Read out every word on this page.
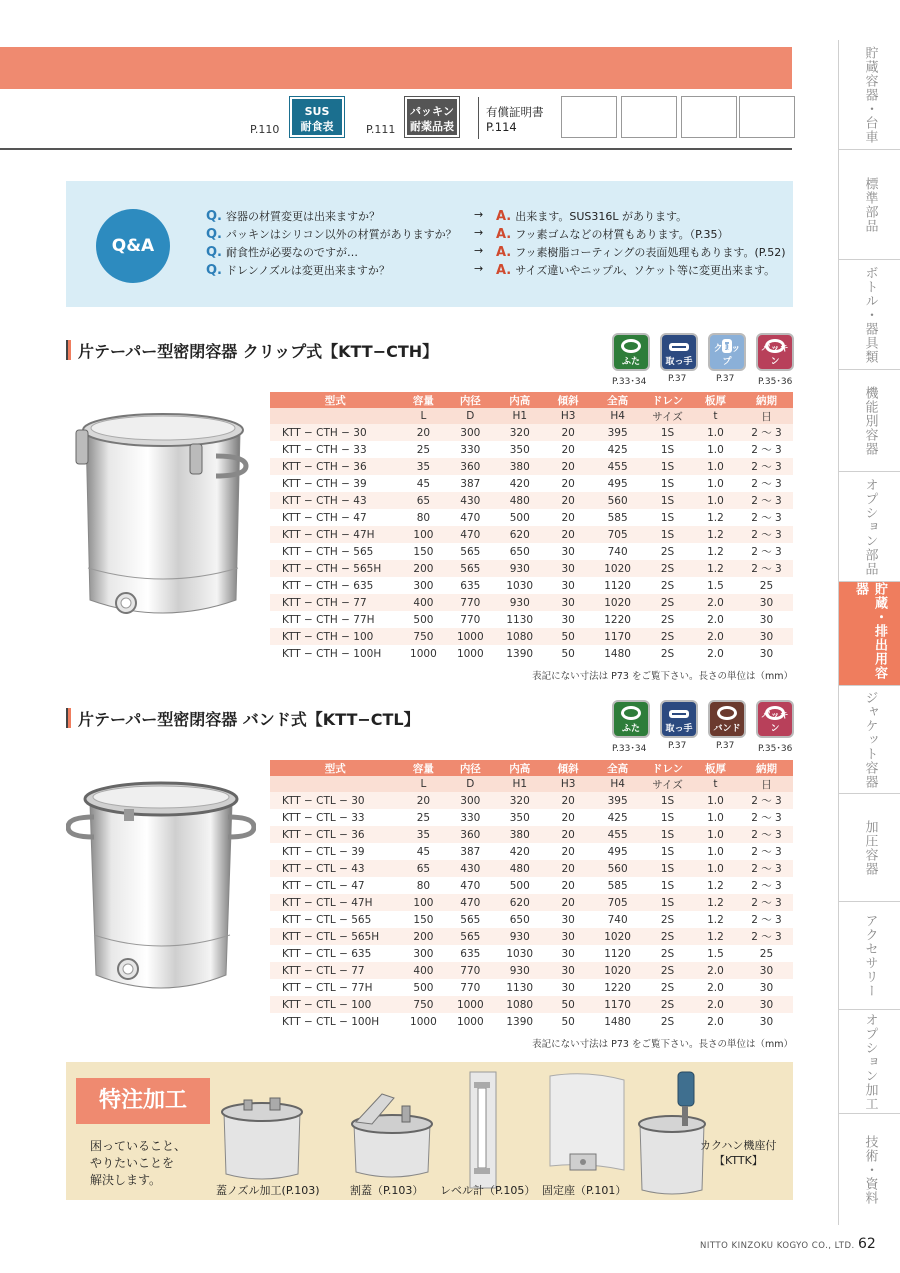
P.110
SUS
耐食表	P.111
パッキン
耐薬品表
有償証明書
P.114
食衛	非該	材証	RoHS	貯蔵容器・台車
標準部品
ボトル・器具類
機能別容器
オプション部品
貯蔵・排出用容器
ジャケット容器
加圧容器
アクセサリー
オプション加工
技術・資料
Q&A
Q. 容器の材質変更は出来ますか？	→ A. 出来ます。SUS316L があります。
Q. パッキンはシリコン以外の材質がありますか？ → A. フッ素ゴムなどの材質もあります。（P.35）
Q. 耐食性が必要なのですが…	→ A. フッ素樹脂コーティングの表面処理もあります。(P.52)
Q. ドレンノズルは変更出来ますか？	→ A. サイズ違いやニップル、ソケット等に変更出来ます。
片テーパー型密閉容器 クリップ式【KTT−CTH】
ふた	取っ手
クリップ
パッキン
P.33･34 P.37	P.37	P.35･36
型式	容量	内径	内高	傾斜	全高	ドレン	板厚	納期
	L	D	H1	H3	H4	サイズ	t	日
KTT − CTH − 30	20	300	320	20	395	1S	1.0	2 〜 3
KTT − CTH − 33	25	330	350	20	425	1S	1.0	2 〜 3
KTT − CTH − 36	35	360	380	20	455	1S	1.0	2 〜 3
KTT − CTH − 39	45	387	420	20	495	1S	1.0	2 〜 3
KTT − CTH − 43	65	430	480	20	560	1S	1.0	2 〜 3
KTT − CTH − 47	80	470	500	20	585	1S	1.2	2 〜 3
KTT − CTH − 47H	100	470	620	20	705	1S	1.2	2 〜 3
KTT − CTH − 565	150	565	650	30	740	2S	1.2	2 〜 3
KTT − CTH − 565H	200	565	930	30	1020	2S	1.2	2 〜 3
KTT − CTH − 635	300	635	1030	30	1120	2S	1.5	25
KTT − CTH − 77	400	770	930	30	1020	2S	2.0	30
KTT − CTH − 77H	500	770	1130	30	1220	2S	2.0	30
KTT − CTH − 100	750	1000	1080	50	1170	2S	2.0	30
KTT − CTH − 100H	1000	1000	1390	50	1480	2S	2.0	30
表記にない寸法は P73 をご覧下さい。長さの単位は（mm）
片テーパー型密閉容器 バンド式【KTT−CTL】	ふた	取っ手	バンド
パッキン
P.33･34 P.37	P.37	P.35･36
型式	容量	内径	内高	傾斜	全高	ドレン	板厚	納期
	L	D	H1	H3	H4	サイズ	t	日
KTT − CTL − 30	20	300	320	20	395	1S	1.0	2 〜 3
KTT − CTL − 33	25	330	350	20	425	1S	1.0	2 〜 3
KTT − CTL − 36	35	360	380	20	455	1S	1.0	2 〜 3
KTT − CTL − 39	45	387	420	20	495	1S	1.0	2 〜 3
KTT − CTL − 43	65	430	480	20	560	1S	1.0	2 〜 3
KTT − CTL − 47	80	470	500	20	585	1S	1.2	2 〜 3
KTT − CTL − 47H	100	470	620	20	705	1S	1.2	2 〜 3
KTT − CTL − 565	150	565	650	30	740	2S	1.2	2 〜 3
KTT − CTL − 565H	200	565	930	30	1020	2S	1.2	2 〜 3
KTT − CTL − 635	300	635	1030	30	1120	2S	1.5	25
KTT − CTL − 77	400	770	930	30	1020	2S	2.0	30
KTT − CTL − 77H	500	770	1130	30	1220	2S	2.0	30
KTT − CTL − 100	750	1000	1080	50	1170	2S	2.0	30
KTT − CTL − 100H	1000	1000	1390	50	1480	2S	2.0	30
表記にない寸法は P73 をご覧下さい。長さの単位は（mm）
特注加工
困っていること、
やりたいことを
解決します。
蓋ノズル加工(P.103)	割蓋（P.103） レベル計（P.105） 固定座（P.101）
カクハン機座付
【KTTK】
NITTO KINZOKU KOGYO CO., LTD. 62
